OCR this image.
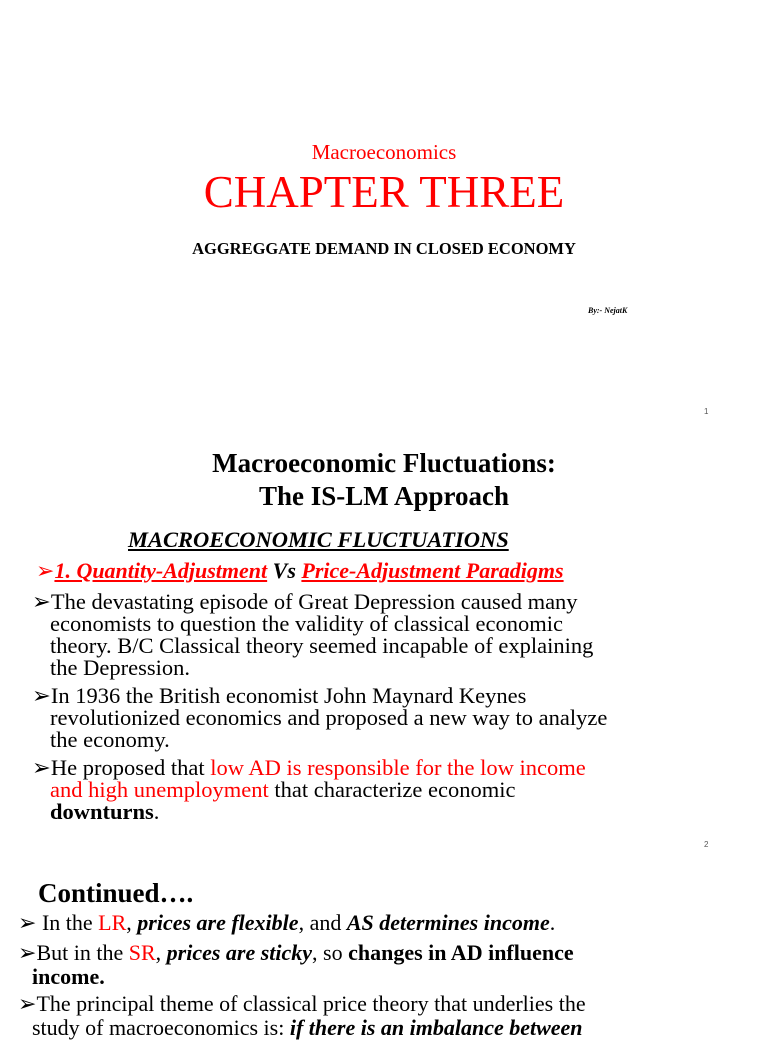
Macroeconomics
CHAPTER THREE
AGGREGGATE DEMAND IN CLOSED ECONOMY
By:- NejatK
1
Macroeconomic Fluctuations:
The IS-LM Approach
MACROECONOMIC FLUCTUATIONS
➢1. Quantity-Adjustment Vs Price-Adjustment Paradigms
➢The devastating episode of Great Depression caused many
economists to question the validity of classical economic
theory. B/C Classical theory seemed incapable of explaining
the Depression.
➢In 1936 the British economist John Maynard Keynes
revolutionized economics and proposed a new way to analyze
the economy.
➢He proposed that low AD is responsible for the low income
and high unemployment that characterize economic
downturns.
2
Continued….
➢ In the LR, prices are flexible, and AS determines income.
➢But in the SR, prices are sticky, so changes in AD influence
income.
➢The principal theme of classical price theory that underlies the
study of macroeconomics is: if there is an imbalance between
